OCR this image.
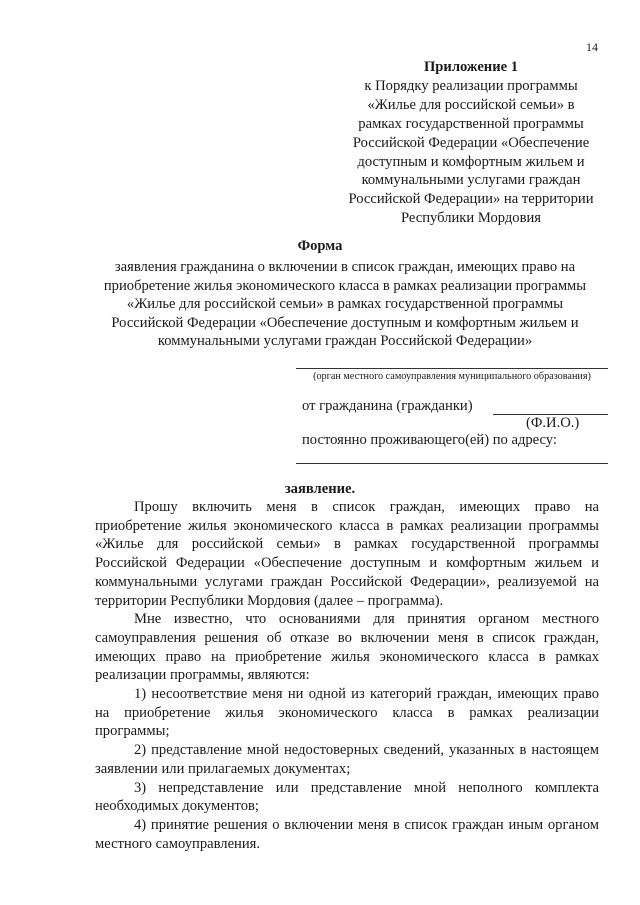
14
Приложение 1
к Порядку реализации программы
«Жилье для российской семьи» в
рамках государственной программы
Российской Федерации «Обеспечение
доступным и комфортным жильем и
коммунальными услугами граждан
Российской Федерации» на территории
Республики Мордовия
Форма
заявления гражданина о включении в список граждан, имеющих право на
приобретение жилья экономического класса в рамках реализации программы
«Жилье для российской семьи» в рамках государственной программы
Российской Федерации «Обеспечение доступным и комфортным жильем и
коммунальными услугами граждан Российской Федерации»
(орган местного самоуправления муниципального образования)
от гражданина (гражданки)
(Ф.И.О.)
постоянно проживающего(ей) по адресу:
заявление.

Прошу включить меня в список граждан, имеющих право на приобретение жилья экономического класса в рамках реализации программы «Жилье для российской семьи» в рамках государственной программы Российской Федерации «Обеспечение доступным и комфортным жильем и коммунальными услугами граждан Российской Федерации», реализуемой на территории Республики Мордовия (далее – программа).

Мне известно, что основаниями для принятия органом местного самоуправления решения об отказе во включении меня в список граждан, имеющих право на приобретение жилья экономического класса в рамках реализации программы, являются:

1) несоответствие меня ни одной из категорий граждан, имеющих право на приобретение жилья экономического класса в рамках реализации программы;

2) представление мной недостоверных сведений, указанных в настоящем заявлении или прилагаемых документах;

3) непредставление или представление мной неполного комплекта необходимых документов;

4) принятие решения о включении меня в список граждан иным органом местного самоуправления.
